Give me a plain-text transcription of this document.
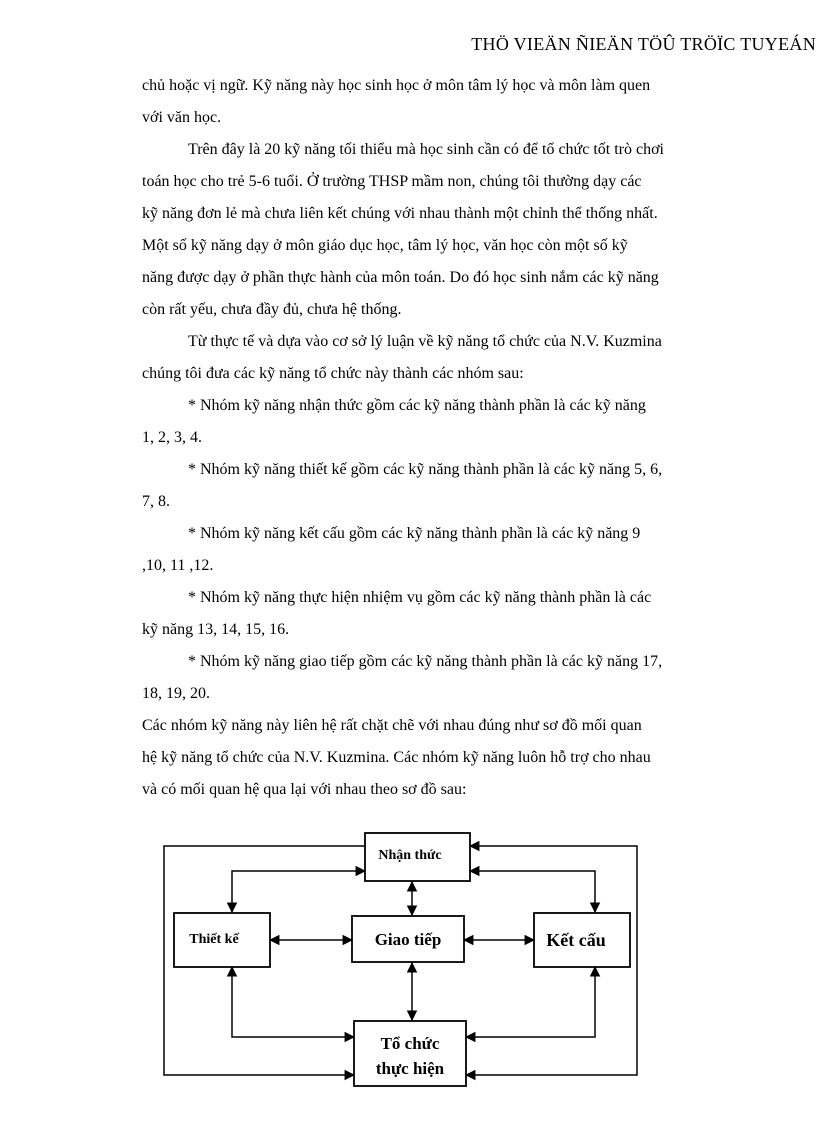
THÖ VIEÄN ÑIEÄN TÖÛ TRÖÏC TUYEÁN

chủ hoặc vị ngữ. Kỹ năng này học sinh học ở môn tâm lý học và môn làm quen
với văn học.

Trên đây là 20 kỹ năng tối thiểu mà học sinh cần có để tổ chức tốt trò chơi
toán học cho trẻ 5-6 tuổi. Ở trường THSP mầm non, chúng tôi thường dạy các
kỹ năng đơn lẻ mà chưa liên kết chúng với nhau thành một chỉnh thể thống nhất.
Một số kỹ năng dạy ở môn giáo dục học, tâm lý học, văn học còn một số kỹ
năng được dạy ở phần thực hành của môn toán. Do đó học sinh nắm các kỹ năng
còn rất yếu, chưa đầy đủ, chưa hệ thống.

Từ thực tế và dựa vào cơ sở lý luận về kỹ năng tổ chức của N.V. Kuzmina
chúng tôi đưa các kỹ năng tổ chức này thành các nhóm sau:

* Nhóm kỹ năng nhận thức gồm các kỹ năng thành phần là các kỹ năng
1, 2, 3, 4.

* Nhóm kỹ năng thiết kế gồm các kỹ năng thành phần là các kỹ năng 5, 6,
7, 8.

* Nhóm kỹ năng kết cấu gồm các kỹ năng thành phần là các kỹ năng 9
,10, 11 ,12.

* Nhóm kỹ năng thực hiện nhiệm vụ gồm các kỹ năng thành phần là các
kỹ năng 13, 14, 15, 16.

* Nhóm kỹ năng giao tiếp gồm các kỹ năng thành phần là các kỹ năng 17,
18, 19, 20.

Các nhóm kỹ năng này liên hệ rất chặt chẽ với nhau đúng như sơ đồ mối quan
hệ kỹ năng tổ chức của N.V. Kuzmina. Các nhóm kỹ năng luôn hỗ trợ cho nhau
và có mối quan hệ qua lại với nhau theo sơ đồ sau:

Nhận thức
Thiết kế	Giao tiếp	Kết cấu
Tổ chức
thực hiện
